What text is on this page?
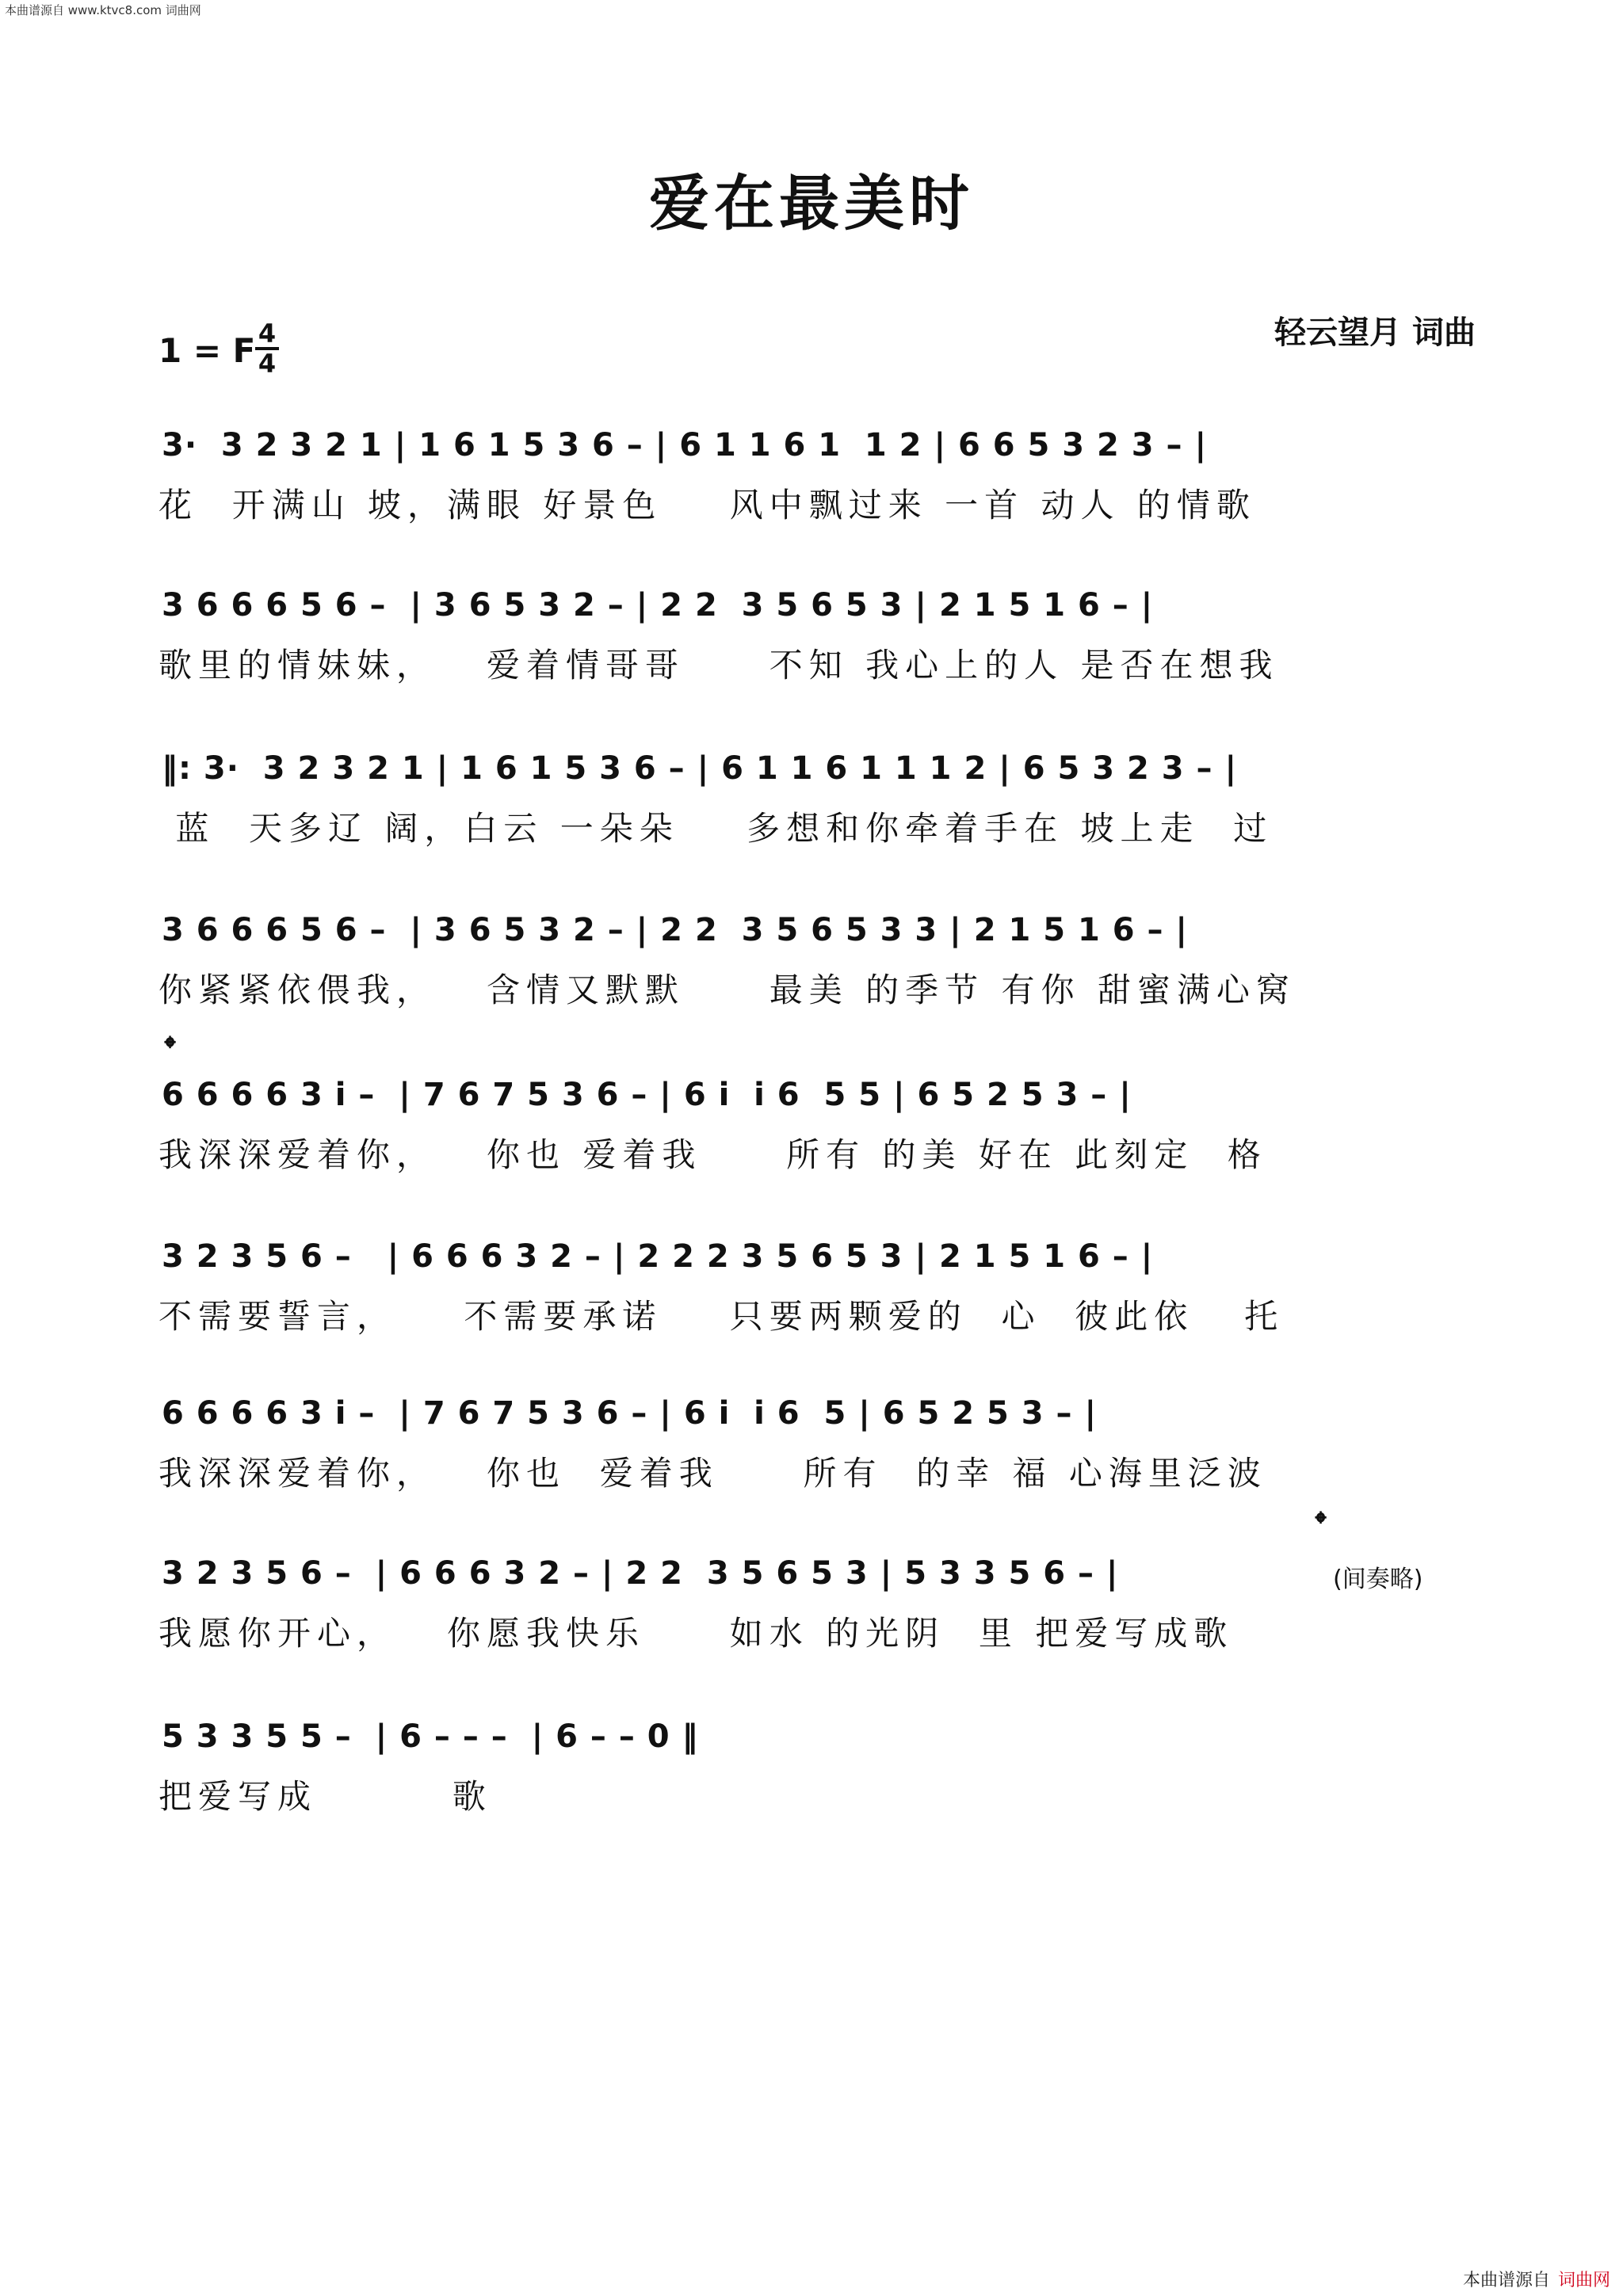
本曲谱源自 www.ktvc8.com 词曲网
本曲谱源自 词曲网
爱在最美时
1 = F $\frac{4}{4}$	轻云望月 词曲
3·  3 2 3 2 1 | 1 6 1 5 3 6 – | 6 1 1 6 1  1 2 | 6 6 5 3 2 3 – |
花  开满山 坡，满眼 好景色    风中飘过来 一首 动人 的情歌
3 6 6 6 5 6 –  | 3 6 5 3 2 – | 2 2  3 5 6 5 3 | 2 1 5 1 6 – |
歌里的情妹妹，   爱着情哥哥     不知 我心上的人 是否在想我
‖: 3·  3 2 3 2 1 | 1 6 1 5 3 6 – | 6 1 1 6 1 1 1 2 | 6 5 3 2 3 – |
蓝  天多辽 阔，白云 一朵朵    多想和你牵着手在 坡上走  过
3 6 6 6 5 6 –  | 3 6 5 3 2 – | 2 2  3 5 6 5 3 3 | 2 1 5 1 6 – |
你紧紧依偎我，   含情又默默     最美 的季节 有你 甜蜜满心窝
𝄌
6 6 6 6 3 i –  | 7 6 7 5 3 6 – | 6 i  i 6  5 5 | 6 5 2 5 3 – |
我深深爱着你，   你也 爱着我     所有 的美 好在 此刻定  格
3 2 3 5 6 –   | 6 6 6 3 2 – | 2 2 2 3 5 6 5 3 | 2 1 5 1 6 – |
不需要誓言，    不需要承诺    只要两颗爱的  心  彼此依   托
6 6 6 6 3 i –  | 7 6 7 5 3 6 – | 6 i  i 6  5 | 6 5 2 5 3 – |
我深深爱着你，   你也  爱着我     所有  的幸 福 心海里泛波
𝄌
3 2 3 5 6 –  | 6 6 6 3 2 – | 2 2  3 5 6 5 3 | 5 3 3 5 6 – |
我愿你开心，   你愿我快乐     如水 的光阴  里 把爱写成歌
(间奏略)
5 3 3 5 5 –  | 6 – – –  | 6 – – 0 ‖
把爱写成        歌
